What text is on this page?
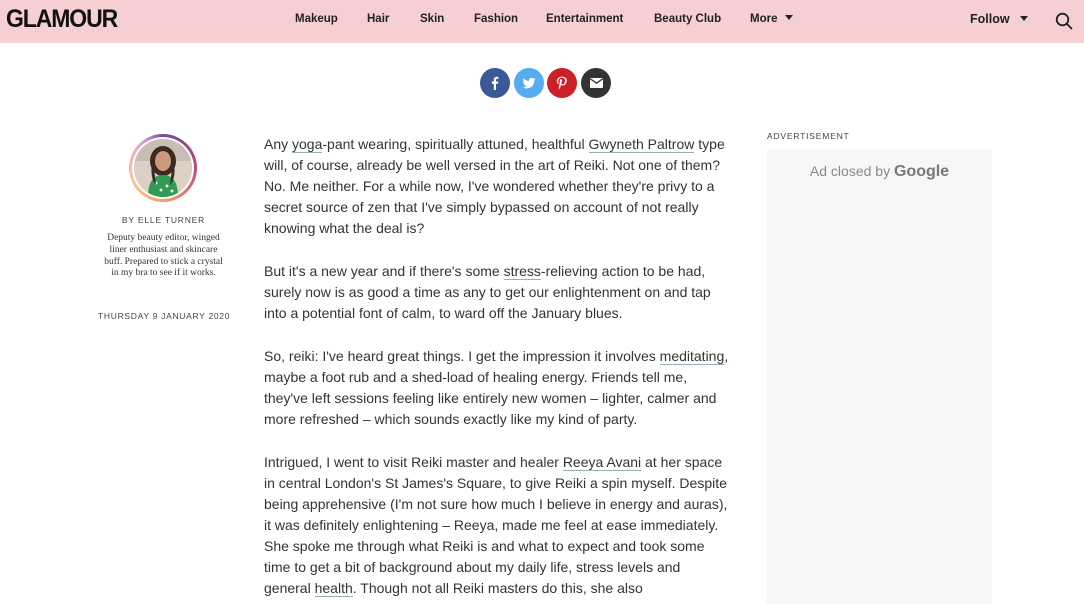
GLAMOUR	Makeup	Hair	Skin	Fashion Entertainment	Beauty Club	More	Follow
BY ELLE TURNER
Deputy beauty editor, winged liner enthusiast and skincare buff. Prepared to stick a crystal in my bra to see if it works.
THURSDAY 9 JANUARY 2020

Any yoga-pant wearing, spiritually attuned, healthful Gwyneth Paltrow type will, of course, already be well versed in the art of Reiki. Not one of them? No. Me neither. For a while now, I've wondered whether they're privy to a secret source of zen that I've simply bypassed on account of not really knowing what the deal is?

But it's a new year and if there's some stress-relieving action to be had, surely now is as good a time as any to get our enlightenment on and tap into a potential font of calm, to ward off the January blues.

So, reiki: I've heard great things. I get the impression it involves meditating, maybe a foot rub and a shed-load of healing energy. Friends tell me, they've left sessions feeling like entirely new women – lighter, calmer and more refreshed – which sounds exactly like my kind of party.

Intrigued, I went to visit Reiki master and healer Reeya Avani at her space in central London's St James's Square, to give Reiki a spin myself. Despite being apprehensive (I'm not sure how much I believe in energy and auras), it was definitely enlightening – Reeya, made me feel at ease immediately. She spoke me through what Reiki is and what to expect and took some time to get a bit of background about my daily life, stress levels and general health. Though not all Reiki masters do this, she also

ADVERTISEMENT
Ad closed by Google
